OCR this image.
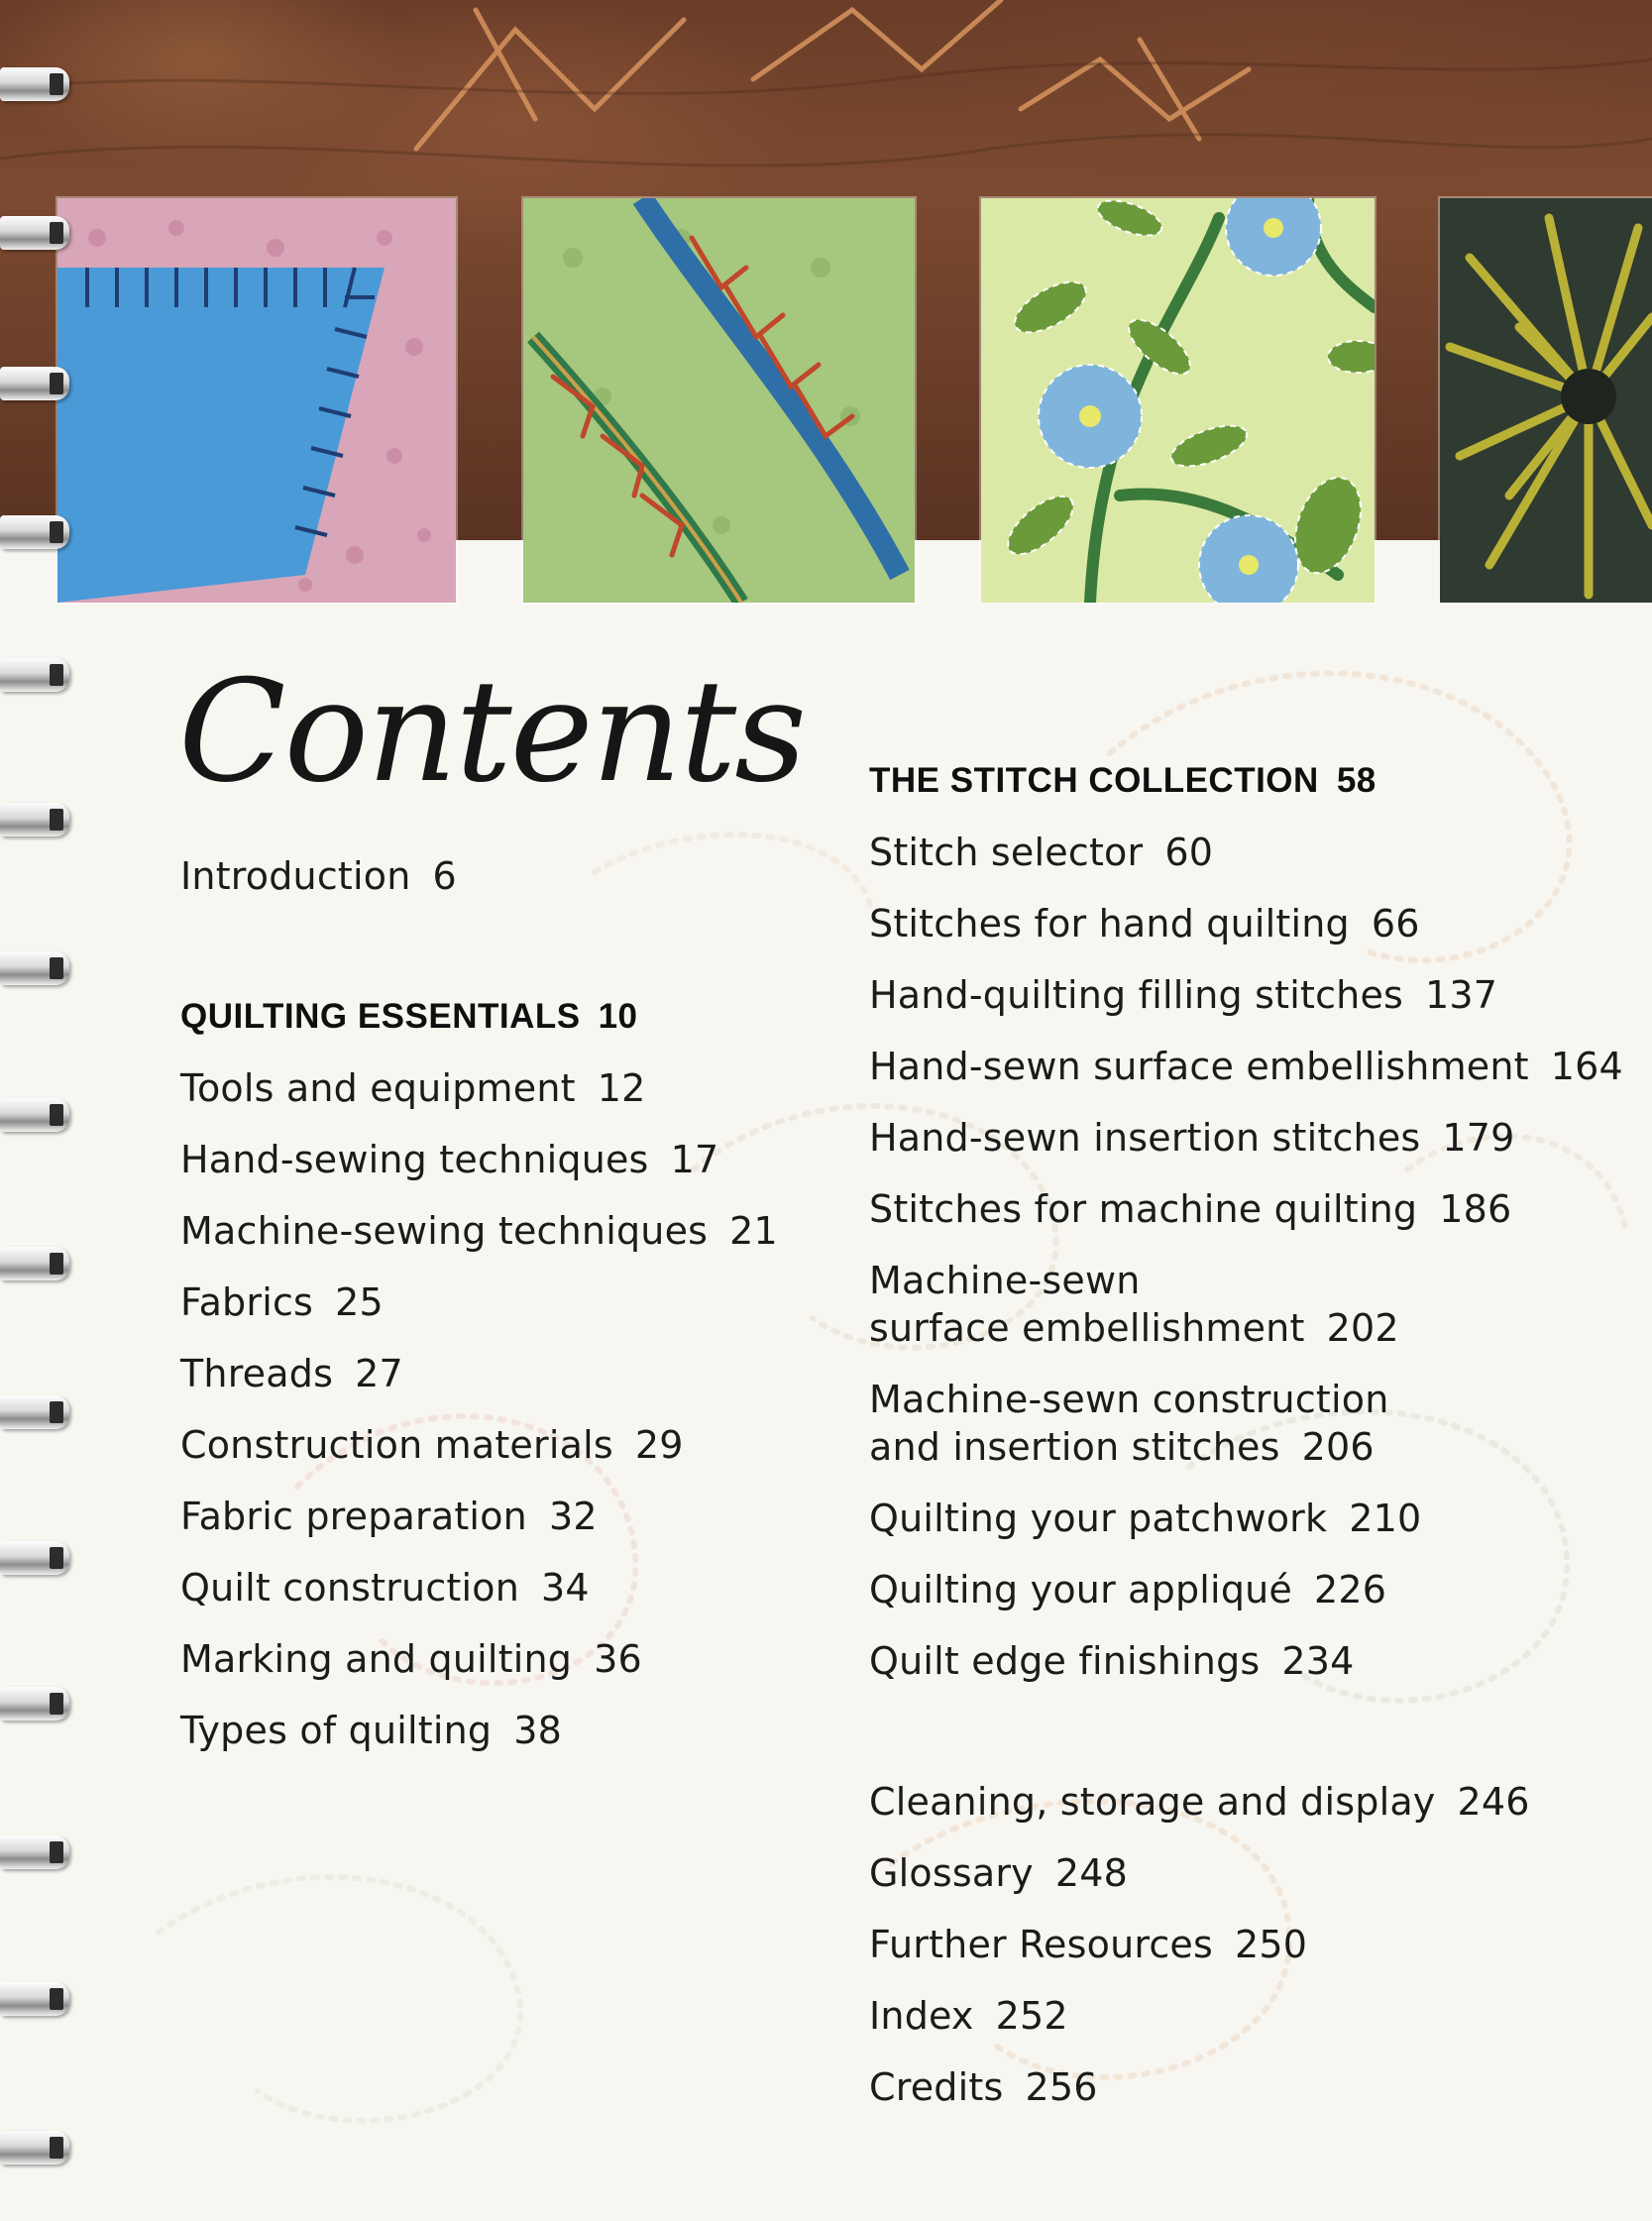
Contents
Introduction 6
QUILTING ESSENTIALS 10
Tools and equipment 12
Hand-sewing techniques 17
Machine-sewing techniques 21
Fabrics 25
Threads 27
Construction materials 29
Fabric preparation 32
Quilt construction 34
Marking and quilting 36
Types of quilting 38
THE STITCH COLLECTION 58
Stitch selector 60
Stitches for hand quilting 66
Hand-quilting filling stitches 137
Hand-sewn surface embellishment 164
Hand-sewn insertion stitches 179
Stitches for machine quilting 186
Machine-sewn
surface embellishment 202
Machine-sewn construction
and insertion stitches 206
Quilting your patchwork 210
Quilting your appliqué 226
Quilt edge finishings 234
Cleaning, storage and display 246
Glossary 248
Further Resources 250
Index 252
Credits 256
